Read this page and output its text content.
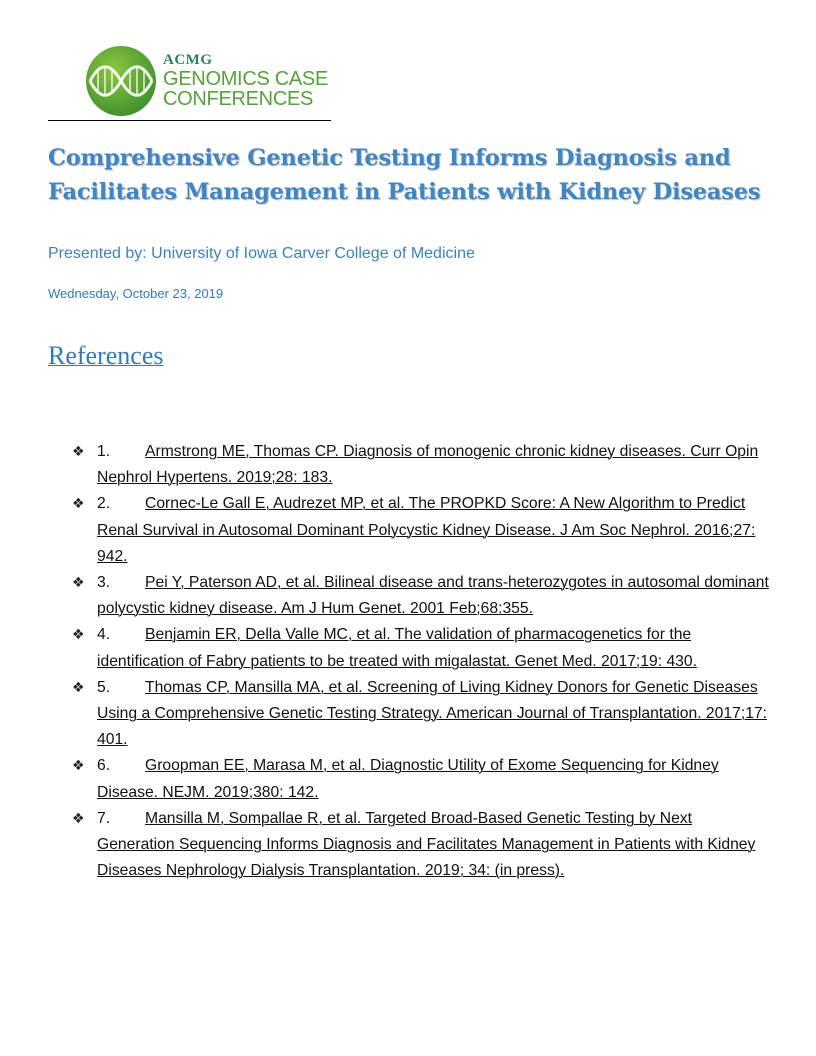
ACMG
GENOMICS CASE
CONFERENCES
Comprehensive Genetic Testing Informs Diagnosis and Facilitates Management in Patients with Kidney Diseases
Presented by: University of Iowa Carver College of Medicine
Wednesday, October 23, 2019
References
❖ 1. Armstrong ME, Thomas CP. Diagnosis of monogenic chronic kidney diseases. Curr Opin Nephrol Hypertens. 2019;28: 183.
❖ 2. Cornec-Le Gall E, Audrezet MP, et al. The PROPKD Score: A New Algorithm to Predict Renal Survival in Autosomal Dominant Polycystic Kidney Disease. J Am Soc Nephrol. 2016;27: 942.
❖ 3. Pei Y, Paterson AD, et al. Bilineal disease and trans-heterozygotes in autosomal dominant polycystic kidney disease. Am J Hum Genet. 2001 Feb;68:355.
❖ 4. Benjamin ER, Della Valle MC, et al. The validation of pharmacogenetics for the identification of Fabry patients to be treated with migalastat. Genet Med. 2017;19: 430.
❖ 5. Thomas CP, Mansilla MA, et al. Screening of Living Kidney Donors for Genetic Diseases Using a Comprehensive Genetic Testing Strategy. American Journal of Transplantation. 2017;17: 401.
❖ 6. Groopman EE, Marasa M, et al. Diagnostic Utility of Exome Sequencing for Kidney Disease. NEJM. 2019;380: 142.
❖ 7. Mansilla M, Sompallae R, et al. Targeted Broad-Based Genetic Testing by Next Generation Sequencing Informs Diagnosis and Facilitates Management in Patients with Kidney Diseases Nephrology Dialysis Transplantation. 2019; 34: (in press).
